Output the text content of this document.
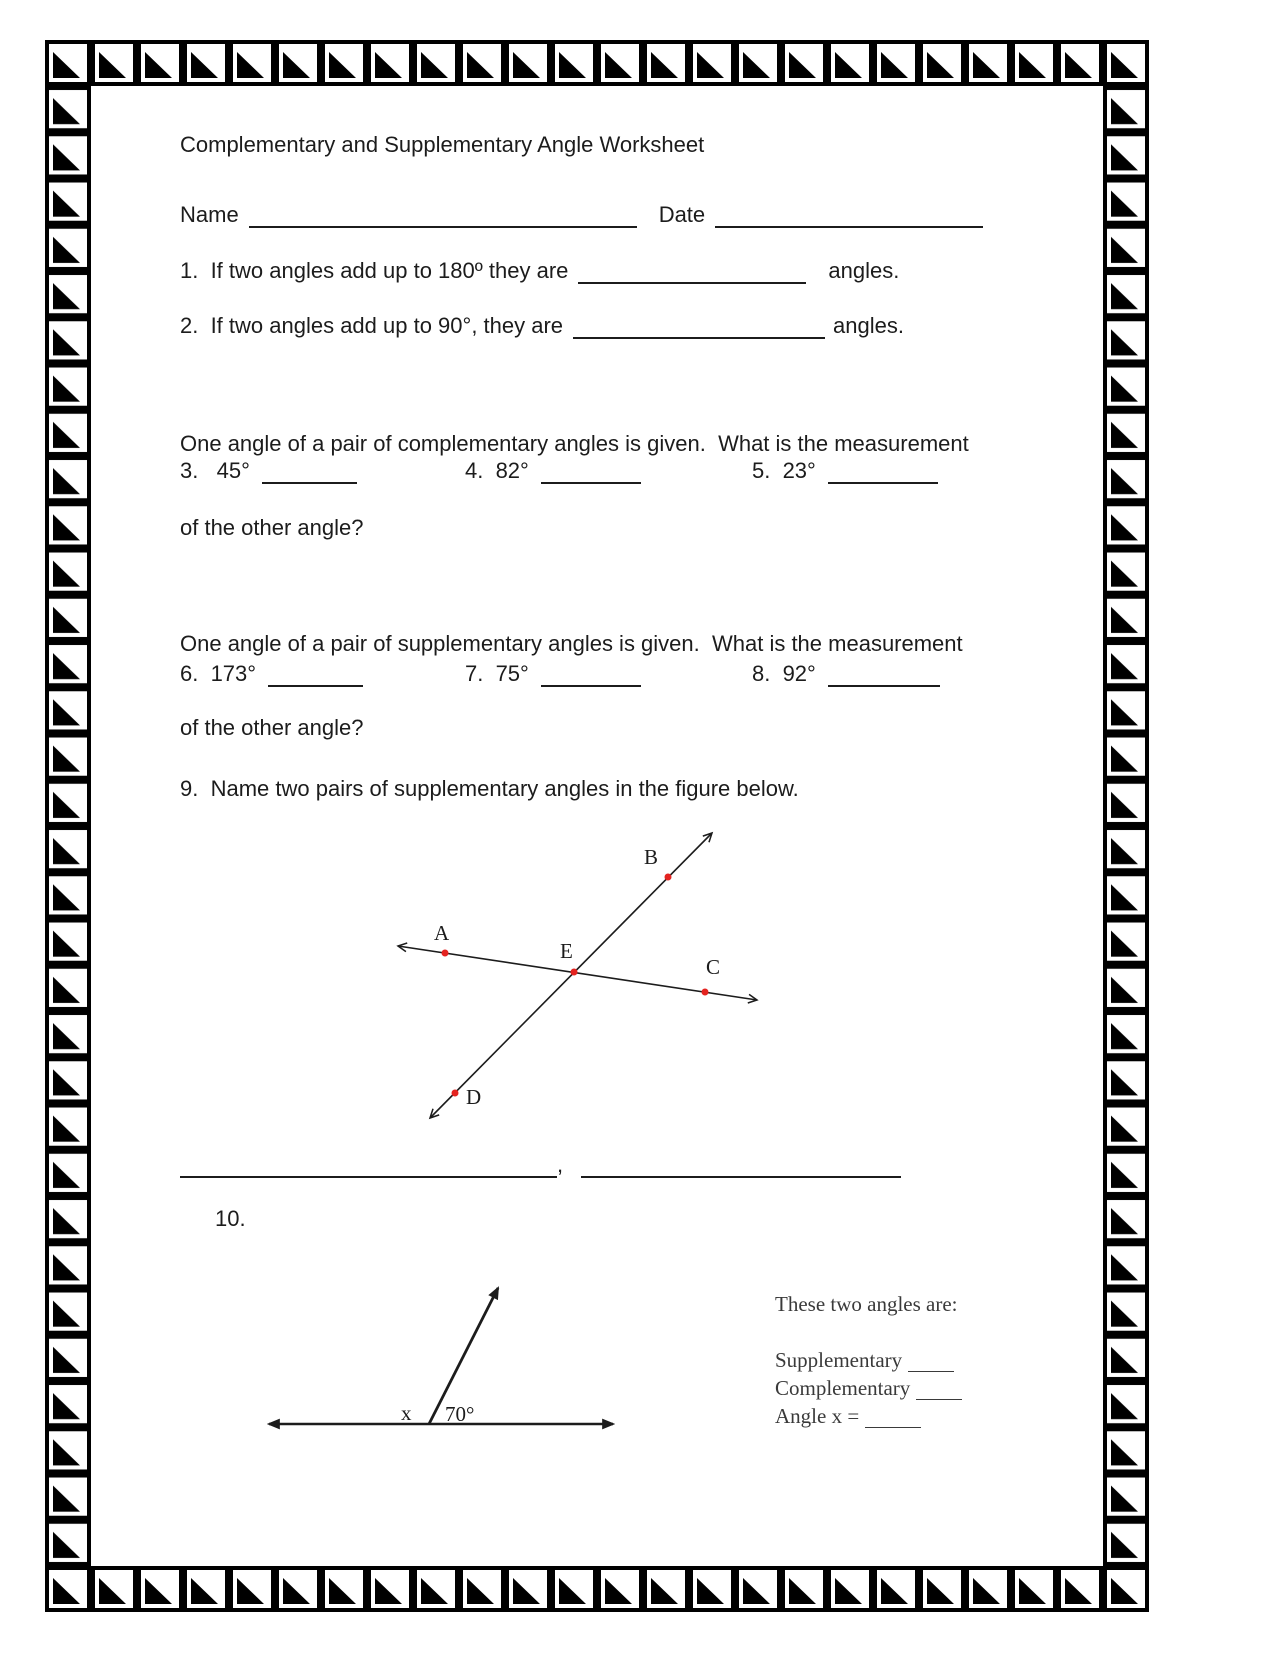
Complementary and Supplementary Angle Worksheet
Name	Date
1.  If two angles add up to 180º they are	angles.
2.  If two angles add up to 90°, they are	angles.

One angle of a pair of complementary angles is given.  What is the measurement

of the other angle?

3.   45°	4.  82°	5.  23°

One angle of a pair of supplementary angles is given.  What is the measurement

of the other angle?

6.  173°	7.  75°	8.  92°
9.  Name two pairs of supplementary angles in the figure below.
A
B
C
D
E
,
10.
x 70°
These two angles are:
Supplementary
Complementary
Angle x =
